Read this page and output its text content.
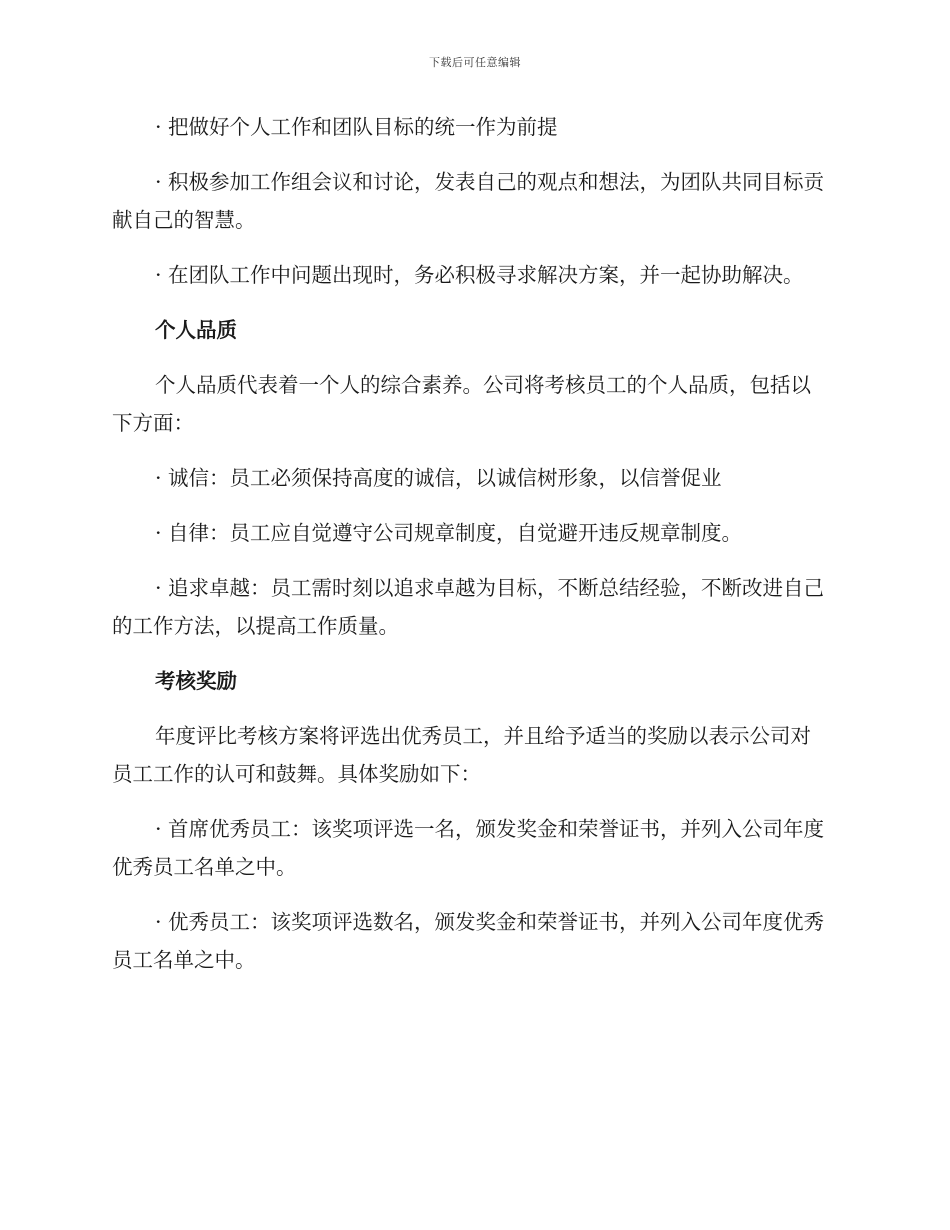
下载后可任意编辑

· 把做好个人工作和团队目标的统一作为前提

· 积极参加工作组会议和讨论，发表自己的观点和想法，为团队共同目标贡献自己的智慧。

· 在团队工作中问题出现时，务必积极寻求解决方案，并一起协助解决。

个人品质

个人品质代表着一个人的综合素养。公司将考核员工的个人品质，包括以下方面：

· 诚信：员工必须保持高度的诚信，以诚信树形象，以信誉促业

· 自律：员工应自觉遵守公司规章制度，自觉避开违反规章制度。

· 追求卓越：员工需时刻以追求卓越为目标，不断总结经验，不断改进自己的工作方法，以提高工作质量。

考核奖励

年度评比考核方案将评选出优秀员工，并且给予适当的奖励以表示公司对员工工作的认可和鼓舞。具体奖励如下：

· 首席优秀员工：该奖项评选一名，颁发奖金和荣誉证书，并列入公司年度优秀员工名单之中。

· 优秀员工：该奖项评选数名，颁发奖金和荣誉证书，并列入公司年度优秀员工名单之中。
